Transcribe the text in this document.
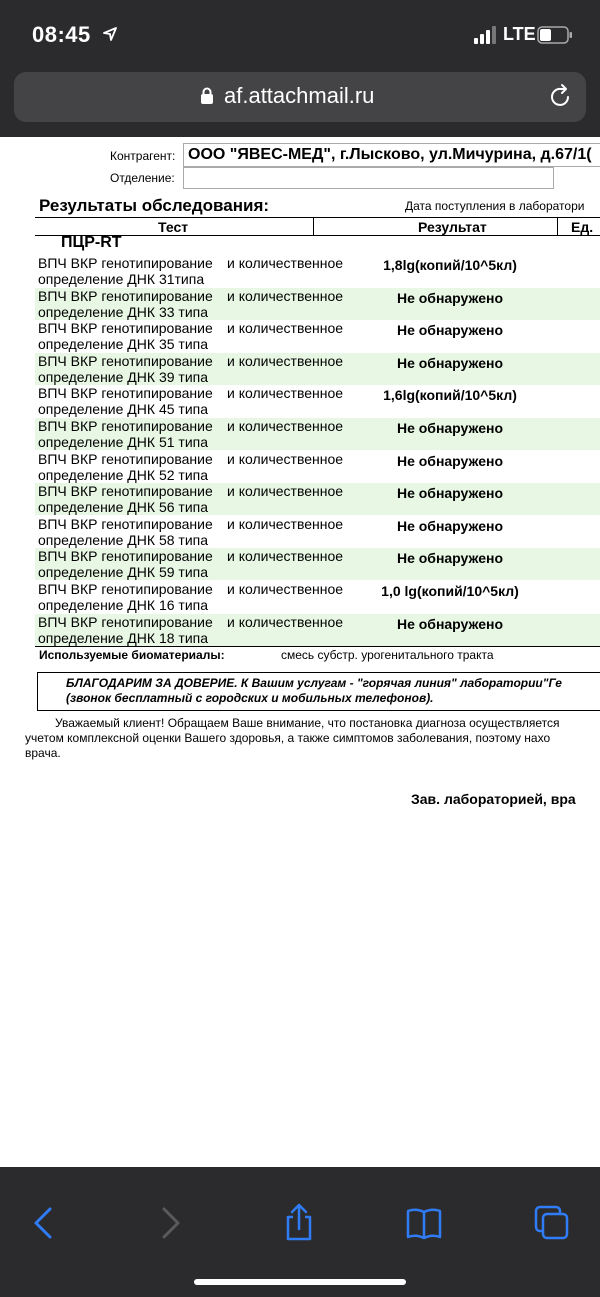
08:45	LTE
af.attachmail.ru
Контрагент: ООО "ЯВЕС-МЕД", г.Лысково, ул.Мичурина, д.67/1(
Отделение:
Результаты обследования:	Дата поступления в лаборатори
Тест	Результат	Ед.
ПЦР-RT
ВПЧ ВКР генотипирование и количественное
определение ДНК 31типа
1,8lg(копий/10^5кл)
ВПЧ ВКР генотипирование и количественное
определение ДНК 33 типа
Не обнаружено
ВПЧ ВКР генотипирование и количественное
определение ДНК 35 типа
Не обнаружено
ВПЧ ВКР генотипирование и количественное
определение ДНК 39 типа
Не обнаружено
ВПЧ ВКР генотипирование и количественное
определение ДНК 45 типа
1,6lg(копий/10^5кл)
ВПЧ ВКР генотипирование и количественное
определение ДНК 51 типа
Не обнаружено
ВПЧ ВКР генотипирование и количественное
определение ДНК 52 типа
Не обнаружено
ВПЧ ВКР генотипирование и количественное
определение ДНК 56 типа
Не обнаружено
ВПЧ ВКР генотипирование и количественное
определение ДНК 58 типа
Не обнаружено
ВПЧ ВКР генотипирование и количественное
определение ДНК 59 типа
Не обнаружено
ВПЧ ВКР генотипирование и количественное
определение ДНК 16 типа
1,0 lg(копий/10^5кл)
ВПЧ ВКР генотипирование и количественное
определение ДНК 18 типа
Не обнаружено
Используемые биоматериалы:	смесь субстр. урогенитального тракта
БЛАГОДАРИМ ЗА ДОВЕРИЕ. К Вашим услугам - "горячая линия" лаборатории"Ге
(звонок бесплатный с городских и мобильных телефонов).
Уважаемый клиент! Обращаем Ваше внимание, что постановка диагноза осуществляется
учетом комплексной оценки Вашего здоровья, а также симптомов заболевания, поэтому нахо
врача.
Зав. лабораторией, вра
